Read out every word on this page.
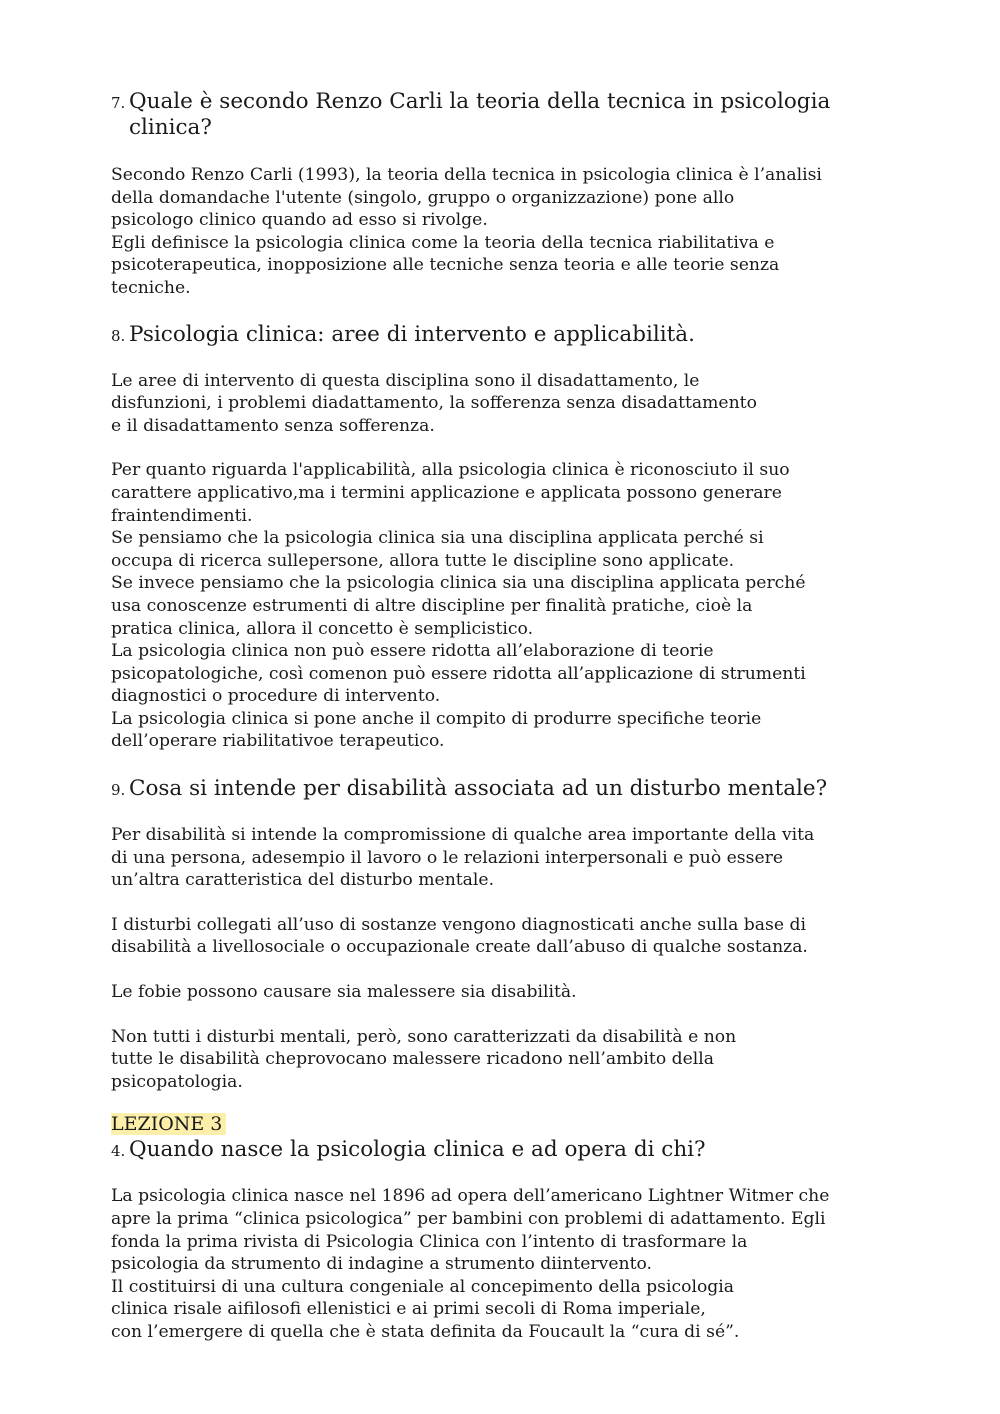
7. Quale è secondo Renzo Carli la teoria della tecnica in psicologia
clinica?

Secondo Renzo Carli (1993), la teoria della tecnica in psicologia clinica è l’analisi
della domandache l'utente (singolo, gruppo o organizzazione) pone allo
psicologo clinico quando ad esso si rivolge.
Egli definisce la psicologia clinica come la teoria della tecnica riabilitativa e
psicoterapeutica, inopposizione alle tecniche senza teoria e alle teorie senza
tecniche.

8. Psicologia clinica: aree di intervento e applicabilità.

Le aree di intervento di questa disciplina sono il disadattamento, le
disfunzioni, i problemi diadattamento, la sofferenza senza disadattamento
e il disadattamento senza sofferenza.

Per quanto riguarda l'applicabilità, alla psicologia clinica è riconosciuto il suo
carattere applicativo,ma i termini applicazione e applicata possono generare
fraintendimenti.
Se pensiamo che la psicologia clinica sia una disciplina applicata perché si
occupa di ricerca sullepersone, allora tutte le discipline sono applicate.
Se invece pensiamo che la psicologia clinica sia una disciplina applicata perché
usa conoscenze estrumenti di altre discipline per finalità pratiche, cioè la
pratica clinica, allora il concetto è semplicistico.
La psicologia clinica non può essere ridotta all’elaborazione di teorie
psicopatologiche, così comenon può essere ridotta all’applicazione di strumenti
diagnostici o procedure di intervento.
La psicologia clinica si pone anche il compito di produrre specifiche teorie
dell’operare riabilitativoe terapeutico.

9. Cosa si intende per disabilità associata ad un disturbo mentale?

Per disabilità si intende la compromissione di qualche area importante della vita
di una persona, adesempio il lavoro o le relazioni interpersonali e può essere
un’altra caratteristica del disturbo mentale.

I disturbi collegati all’uso di sostanze vengono diagnosticati anche sulla base di
disabilità a livellosociale o occupazionale create dall’abuso di qualche sostanza.

Le fobie possono causare sia malessere sia disabilità.

Non tutti i disturbi mentali, però, sono caratterizzati da disabilità e non
tutte le disabilità cheprovocano malessere ricadono nell’ambito della
psicopatologia.

LEZIONE 3
4. Quando nasce la psicologia clinica e ad opera di chi?

La psicologia clinica nasce nel 1896 ad opera dell’americano Lightner Witmer che
apre la prima “clinica psicologica” per bambini con problemi di adattamento. Egli
fonda la prima rivista di Psicologia Clinica con l’intento di trasformare la
psicologia da strumento di indagine a strumento diintervento.
Il costituirsi di una cultura congeniale al concepimento della psicologia
clinica risale aifilosofi ellenistici e ai primi secoli di Roma imperiale,
con l’emergere di quella che è stata definita da Foucault la “cura di sé”.
